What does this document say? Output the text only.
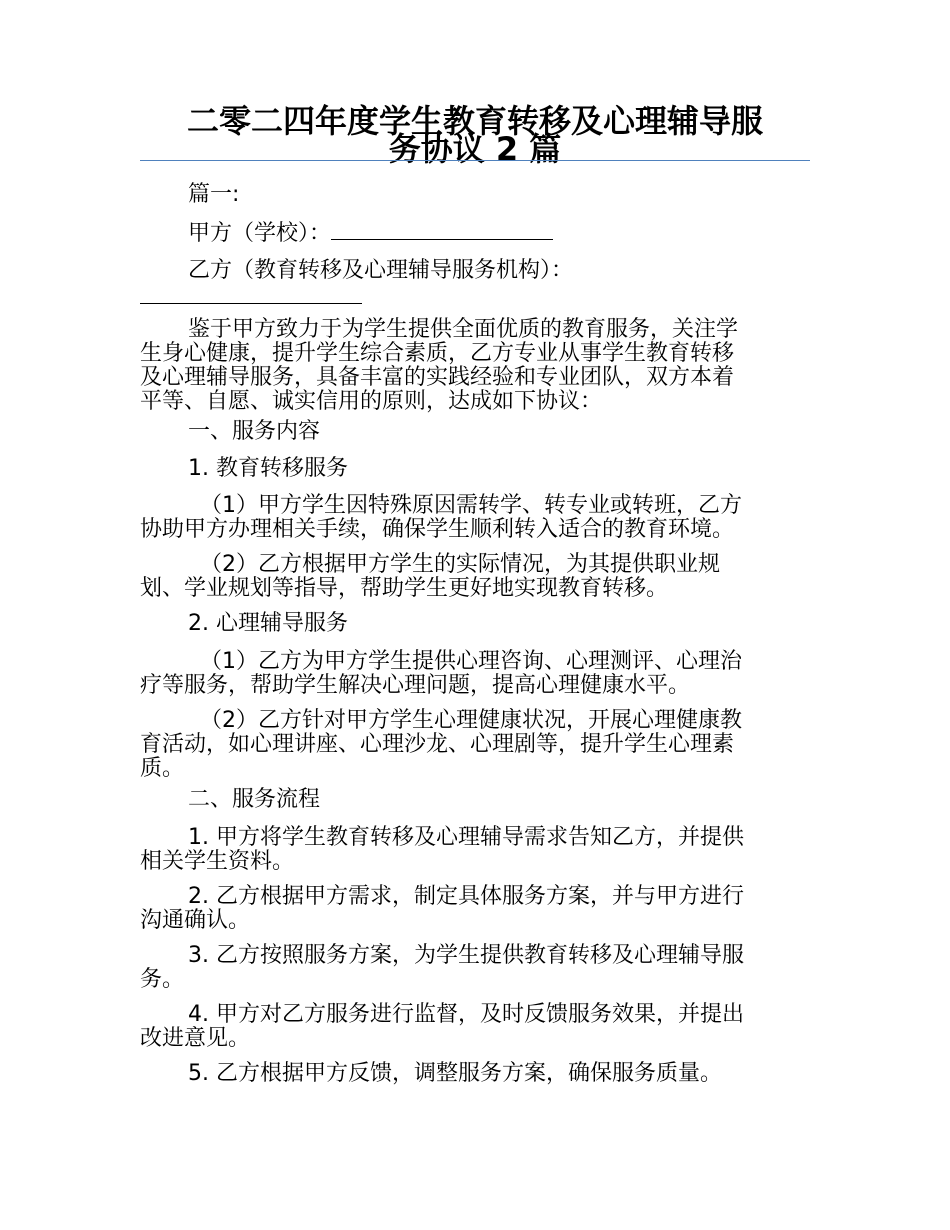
二零二四年度学生教育转移及心理辅导服
务协议 2 篇
篇一:
甲方（学校）：
乙方（教育转移及心理辅导服务机构）：
鉴于甲方致力于为学生提供全面优质的教育服务，关注学
生身心健康，提升学生综合素质，乙方专业从事学生教育转移
及心理辅导服务，具备丰富的实践经验和专业团队，双方本着
平等、自愿、诚实信用的原则，达成如下协议：
一、服务内容
1. 教育转移服务
（1）甲方学生因特殊原因需转学、转专业或转班，乙方
协助甲方办理相关手续，确保学生顺利转入适合的教育环境。
（2）乙方根据甲方学生的实际情况，为其提供职业规
划、学业规划等指导，帮助学生更好地实现教育转移。
2. 心理辅导服务
（1）乙方为甲方学生提供心理咨询、心理测评、心理治
疗等服务，帮助学生解决心理问题，提高心理健康水平。
（2）乙方针对甲方学生心理健康状况，开展心理健康教
育活动，如心理讲座、心理沙龙、心理剧等，提升学生心理素
质。
二、服务流程
1. 甲方将学生教育转移及心理辅导需求告知乙方，并提供
相关学生资料。
2. 乙方根据甲方需求，制定具体服务方案，并与甲方进行
沟通确认。
3. 乙方按照服务方案，为学生提供教育转移及心理辅导服
务。
4. 甲方对乙方服务进行监督，及时反馈服务效果，并提出
改进意见。
5. 乙方根据甲方反馈，调整服务方案，确保服务质量。
